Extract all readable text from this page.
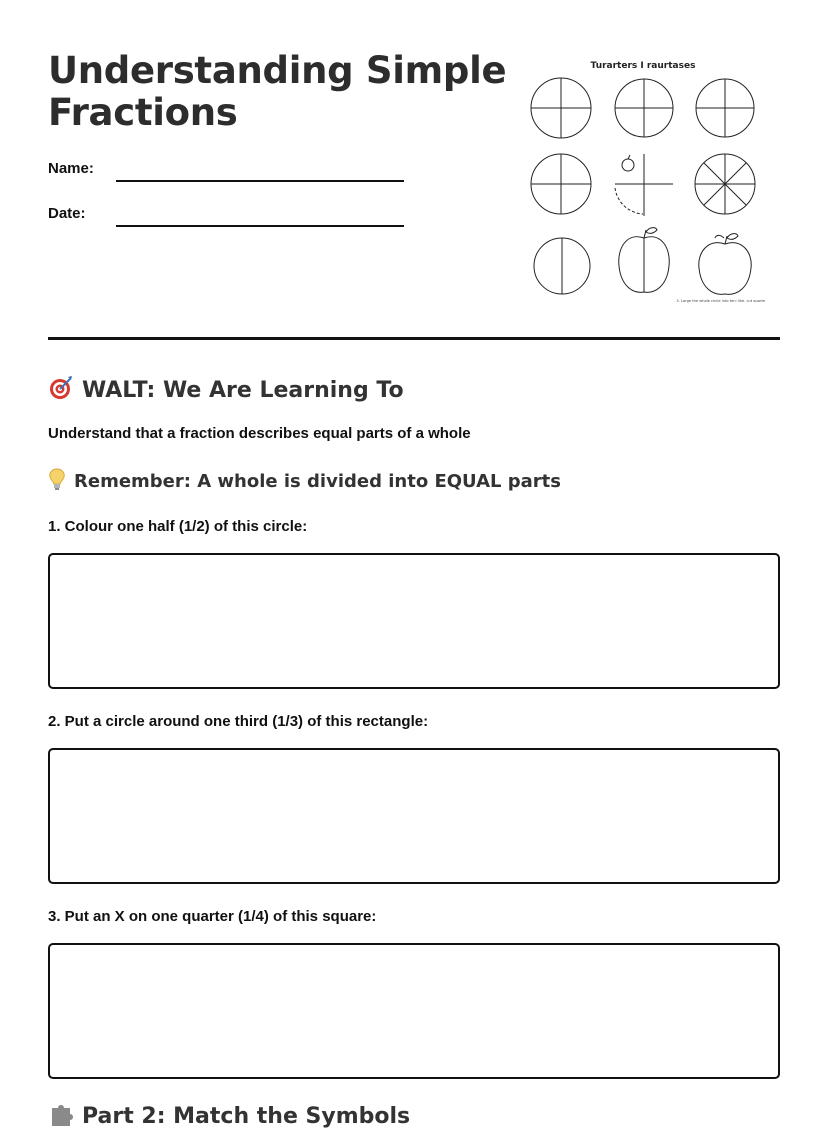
Understanding Simple Fractions
Name:
Date:
Turarters I raurtases
3. Large the whole circle into ten: like. cut quarters.
WALT: We Are Learning To
Understand that a fraction describes equal parts of a whole
Remember: A whole is divided into EQUAL parts
1. Colour one half (1/2) of this circle:
2. Put a circle around one third (1/3) of this rectangle:
3. Put an X on one quarter (1/4) of this square:
Part 2: Match the Symbols
